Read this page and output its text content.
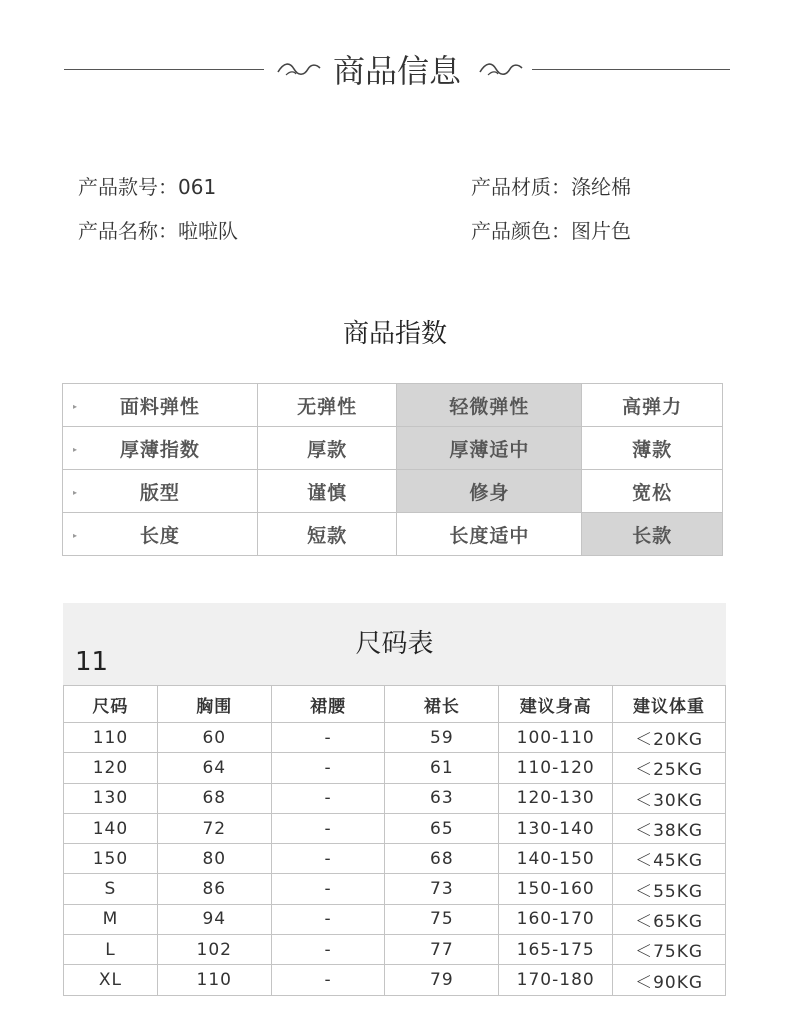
商品信息
产品款号：061	产品材质：涤纶棉
产品名称：啦啦队	产品颜色：图片色
商品指数
▸ 面料弹性	无弹性	轻微弹性	高弹力

▸ 厚薄指数	厚款	厚薄适中	薄款

▸ 版型	谨慎	修身	宽松

▸ 长度	短款	长度适中	长款
尺码表
11
尺码	胸围	裙腰	裙长	建议身高	建议体重
110	60	-	59	100-110	＜20KG
120	64	-	61	110-120	＜25KG
130	68	-	63	120-130	＜30KG
140	72	-	65	130-140	＜38KG
150	80	-	68	140-150	＜45KG
S	86	-	73	150-160	＜55KG
M	94	-	75	160-170	＜65KG
L	102	-	77	165-175	＜75KG
XL	110	-	79	170-180	＜90KG
